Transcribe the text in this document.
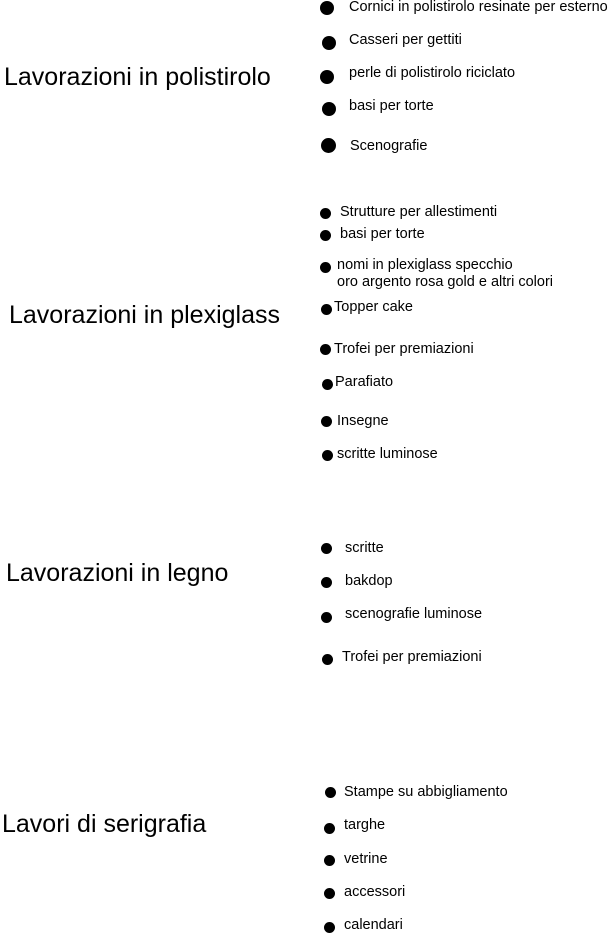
Lavorazioni in polistirolo
Cornici in polistirolo resinate per esterno
Casseri per gettiti
perle di polistirolo riciclato
basi per torte
Scenografie
Lavorazioni in plexiglass
Strutture per allestimenti
basi per torte
nomi in plexiglass specchio
oro argento rosa gold e altri colori
Topper cake
Trofei per premiazioni
Parafiato
Insegne
scritte luminose
Lavorazioni in legno
scritte
bakdop
scenografie luminose
Trofei per premiazioni
Lavori di serigrafia
Stampe su abbigliamento
targhe
vetrine
accessori
calendari
